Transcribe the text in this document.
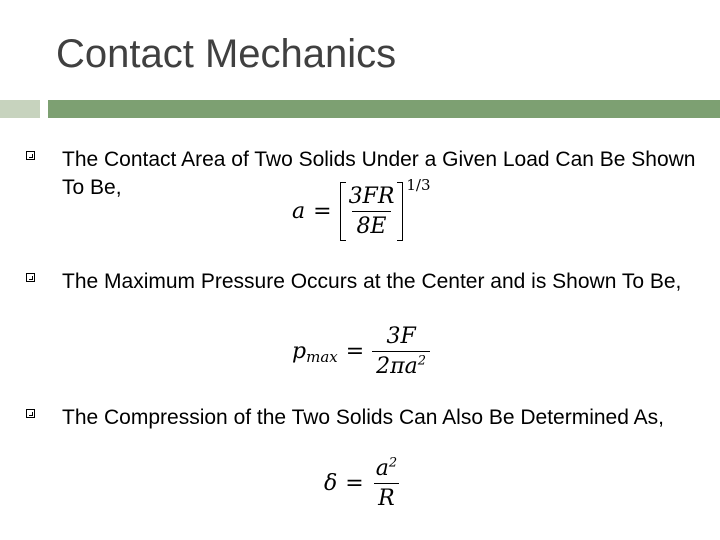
Contact Mechanics
The Contact Area of Two Solids Under a Given Load Can Be Shown To Be,
$a = \frac{3FR}{8E} 1/3$
The Maximum Pressure Occurs at the Center and is Shown To Be,
$p_{max} = \frac{3F}{2\pi a^2}$
The Compression of the Two Solids Can Also Be Determined As,
$\delta = \frac{a^2}{R}$
